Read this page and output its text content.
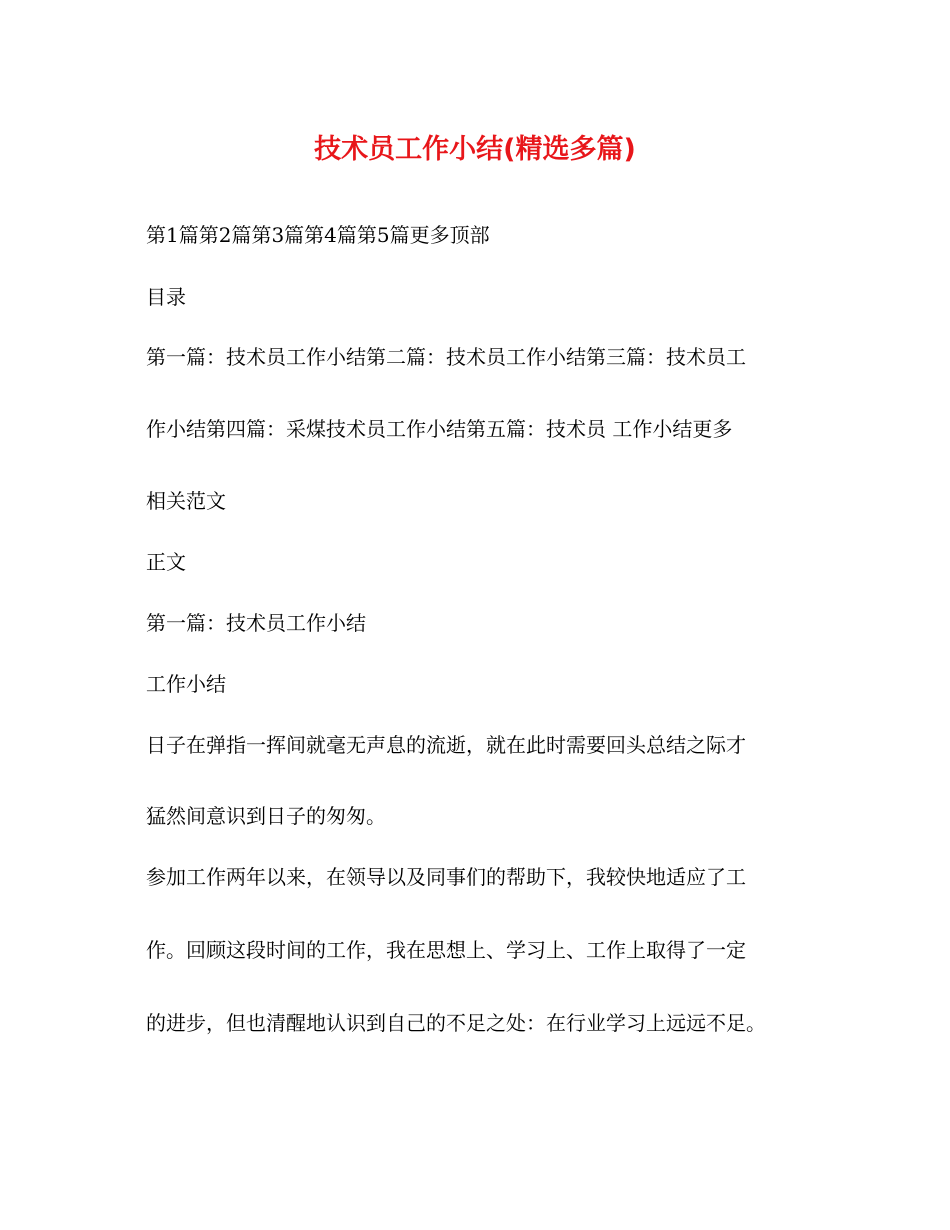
技术员工作小结(精选多篇)
第1篇第2篇第3篇第4篇第5篇更多顶部
目录
第一篇：技术员工作小结第二篇：技术员工作小结第三篇：技术员工
作小结第四篇：采煤技术员工作小结第五篇：技术员 工作小结更多
相关范文
正文
第一篇：技术员工作小结
工作小结
日子在弹指一挥间就毫无声息的流逝，就在此时需要回头总结之际才
猛然间意识到日子的匆匆。
参加工作两年以来，在领导以及同事们的帮助下，我较快地适应了工
作。回顾这段时间的工作，我在思想上、学习上、工作上取得了一定
的进步，但也清醒地认识到自己的不足之处：在行业学习上远远不足。
